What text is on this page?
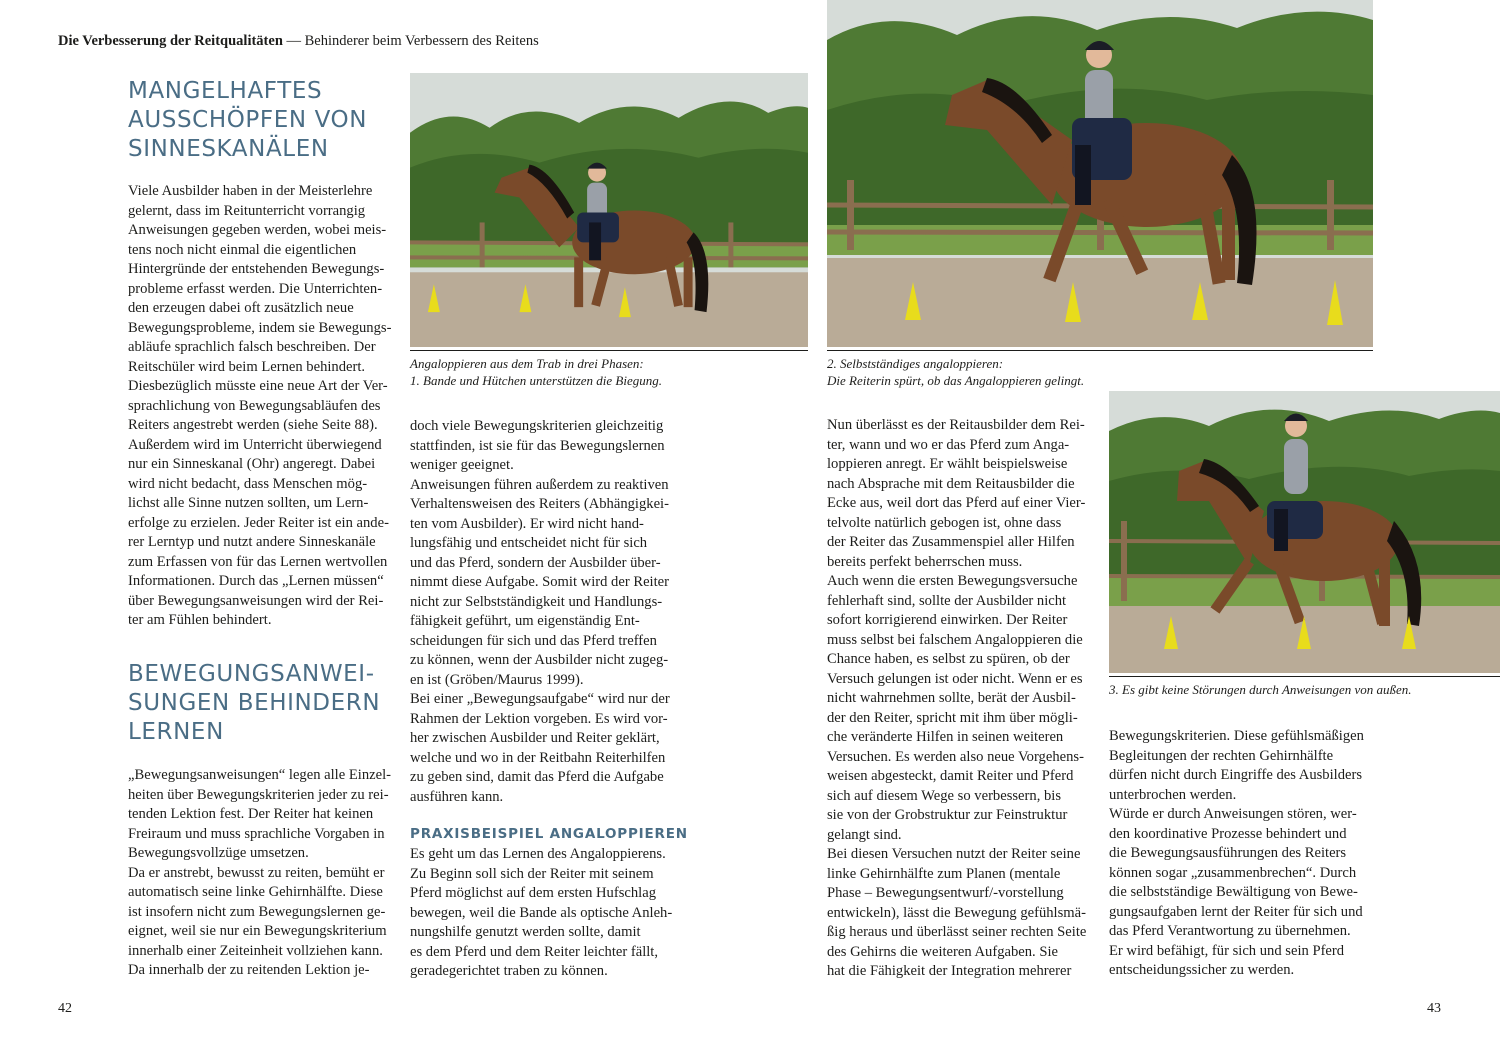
Die Verbesserung der Reitqualitäten — Behinderer beim Verbessern des Reitens
MANGELHAFTES
AUSSCHÖPFEN VON
SINNESKANÄLEN
Viele Ausbilder haben in der Meisterlehre
gelernt, dass im Reitunterricht vorrangig
Anweisungen gegeben werden, wobei meis-
tens noch nicht einmal die eigentlichen
Hintergründe der entstehenden Bewegungs-
probleme erfasst werden. Die Unterrichten-
den erzeugen dabei oft zusätzlich neue
Bewegungsprobleme, indem sie Bewegungs-
abläufe sprachlich falsch beschreiben. Der
Reitschüler wird beim Lernen behindert.
Diesbezüglich müsste eine neue Art der Ver-
sprachlichung von Bewegungsabläufen des
Reiters angestrebt werden (siehe Seite 88).
Außerdem wird im Unterricht überwiegend
nur ein Sinneskanal (Ohr) angeregt. Dabei
wird nicht bedacht, dass Menschen mög-
lichst alle Sinne nutzen sollten, um Lern-
erfolge zu erzielen. Jeder Reiter ist ein ande-
rer Lerntyp und nutzt andere Sinneskanäle
zum Erfassen von für das Lernen wertvollen
Informationen. Durch das „Lernen müssen“
über Bewegungsanweisungen wird der Rei-
ter am Fühlen behindert.
BEWEGUNGSANWEI-
SUNGEN BEHINDERN
LERNEN
„Bewegungsanweisungen“ legen alle Einzel-
heiten über Bewegungskriterien jeder zu rei-
tenden Lektion fest. Der Reiter hat keinen
Freiraum und muss sprachliche Vorgaben in
Bewegungsvollzüge umsetzen.
Da er anstrebt, bewusst zu reiten, bemüht er
automatisch seine linke Gehirnhälfte. Diese
ist insofern nicht zum Bewegungslernen ge-
eignet, weil sie nur ein Bewegungskriterium
innerhalb einer Zeiteinheit vollziehen kann.
Da innerhalb der zu reitenden Lektion je-
Angaloppieren aus dem Trab in drei Phasen:
1. Bande und Hütchen unterstützen die Biegung.
doch viele Bewegungskriterien gleichzeitig
stattfinden, ist sie für das Bewegungslernen
weniger geeignet.
Anweisungen führen außerdem zu reaktiven
Verhaltensweisen des Reiters (Abhängigkei-
ten vom Ausbilder). Er wird nicht hand-
lungsfähig und entscheidet nicht für sich
und das Pferd, sondern der Ausbilder über-
nimmt diese Aufgabe. Somit wird der Reiter
nicht zur Selbstständigkeit und Handlungs-
fähigkeit geführt, um eigenständig Ent-
scheidungen für sich und das Pferd treffen
zu können, wenn der Ausbilder nicht zugeg-
en ist (Gröben/Maurus 1999).
Bei einer „Bewegungsaufgabe“ wird nur der
Rahmen der Lektion vorgeben. Es wird vor-
her zwischen Ausbilder und Reiter geklärt,
welche und wo in der Reitbahn Reiterhilfen
zu geben sind, damit das Pferd die Aufgabe
ausführen kann.
PRAXISBEISPIEL ANGALOPPIEREN
Es geht um das Lernen des Angaloppierens.
Zu Beginn soll sich der Reiter mit seinem
Pferd möglichst auf dem ersten Hufschlag
bewegen, weil die Bande als optische Anleh-
nungshilfe genutzt werden sollte, damit
es dem Pferd und dem Reiter leichter fällt,
geradegerichtet traben zu können.
2. Selbstständiges angaloppieren:
Die Reiterin spürt, ob das Angaloppieren gelingt.
Nun überlässt es der Reitausbilder dem Rei-
ter, wann und wo er das Pferd zum Anga-
loppieren anregt. Er wählt beispielsweise
nach Absprache mit dem Reitausbilder die
Ecke aus, weil dort das Pferd auf einer Vier-
telvolte natürlich gebogen ist, ohne dass
der Reiter das Zusammenspiel aller Hilfen
bereits perfekt beherrschen muss.
Auch wenn die ersten Bewegungsversuche
fehlerhaft sind, sollte der Ausbilder nicht
sofort korrigierend einwirken. Der Reiter
muss selbst bei falschem Angaloppieren die
Chance haben, es selbst zu spüren, ob der
Versuch gelungen ist oder nicht. Wenn er es
nicht wahrnehmen sollte, berät der Ausbil-
der den Reiter, spricht mit ihm über mögli-
che veränderte Hilfen in seinen weiteren
Versuchen. Es werden also neue Vorgehens-
weisen abgesteckt, damit Reiter und Pferd
sich auf diesem Wege so verbessern, bis
sie von der Grobstruktur zur Feinstruktur
gelangt sind.
Bei diesen Versuchen nutzt der Reiter seine
linke Gehirnhälfte zum Planen (mentale
Phase – Bewegungsentwurf/-vorstellung
entwickeln), lässt die Bewegung gefühlsmä-
ßig heraus und überlässt seiner rechten Seite
des Gehirns die weiteren Aufgaben. Sie
hat die Fähigkeit der Integration mehrerer
3. Es gibt keine Störungen durch Anweisungen von außen.
Bewegungskriterien. Diese gefühlsmäßigen
Begleitungen der rechten Gehirnhälfte
dürfen nicht durch Eingriffe des Ausbilders
unterbrochen werden.
Würde er durch Anweisungen stören, wer-
den koordinative Prozesse behindert und
die Bewegungsausführungen des Reiters
können sogar „zusammenbrechen“. Durch
die selbstständige Bewältigung von Bewe-
gungsaufgaben lernt der Reiter für sich und
das Pferd Verantwortung zu übernehmen.
Er wird befähigt, für sich und sein Pferd
entscheidungssicher zu werden.
42	43
